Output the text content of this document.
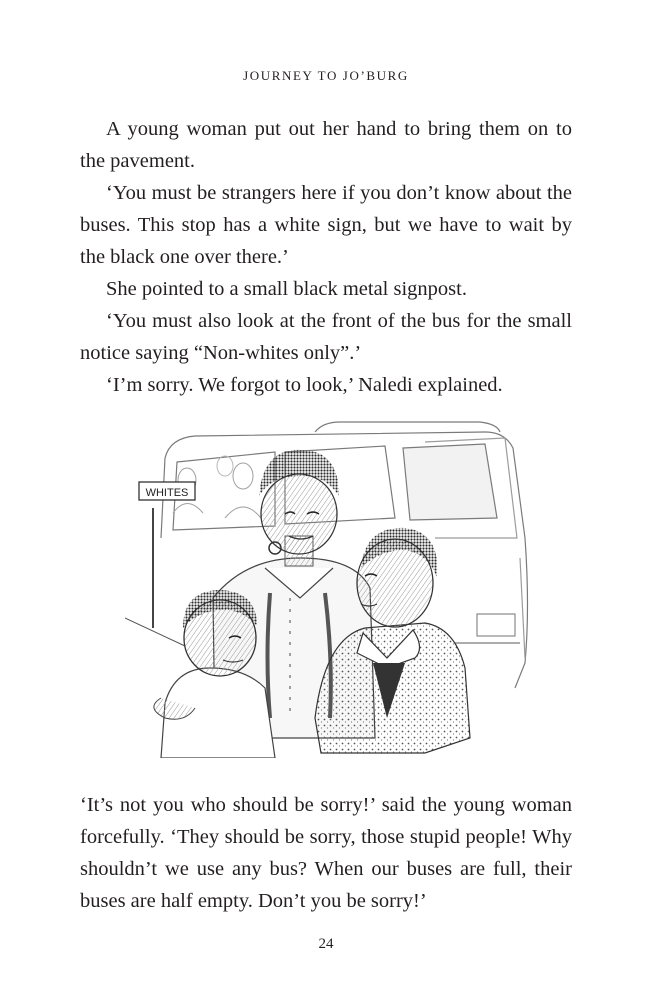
JOURNEY TO JO’BURG

A young woman put out her hand to bring them on to the pavement.

‘You must be strangers here if you don’t know about the buses. This stop has a white sign, but we have to wait by the black one over there.’

She pointed to a small black metal signpost.

‘You must also look at the front of the bus for the small notice saying “Non-whites only”.’

‘I’m sorry. We forgot to look,’ Naledi explained.

WHITES

‘It’s not you who should be sorry!’ said the young woman forcefully. ‘They should be sorry, those stupid people! Why shouldn’t we use any bus? When our buses are full, their buses are half empty. Don’t you be sorry!’

24
